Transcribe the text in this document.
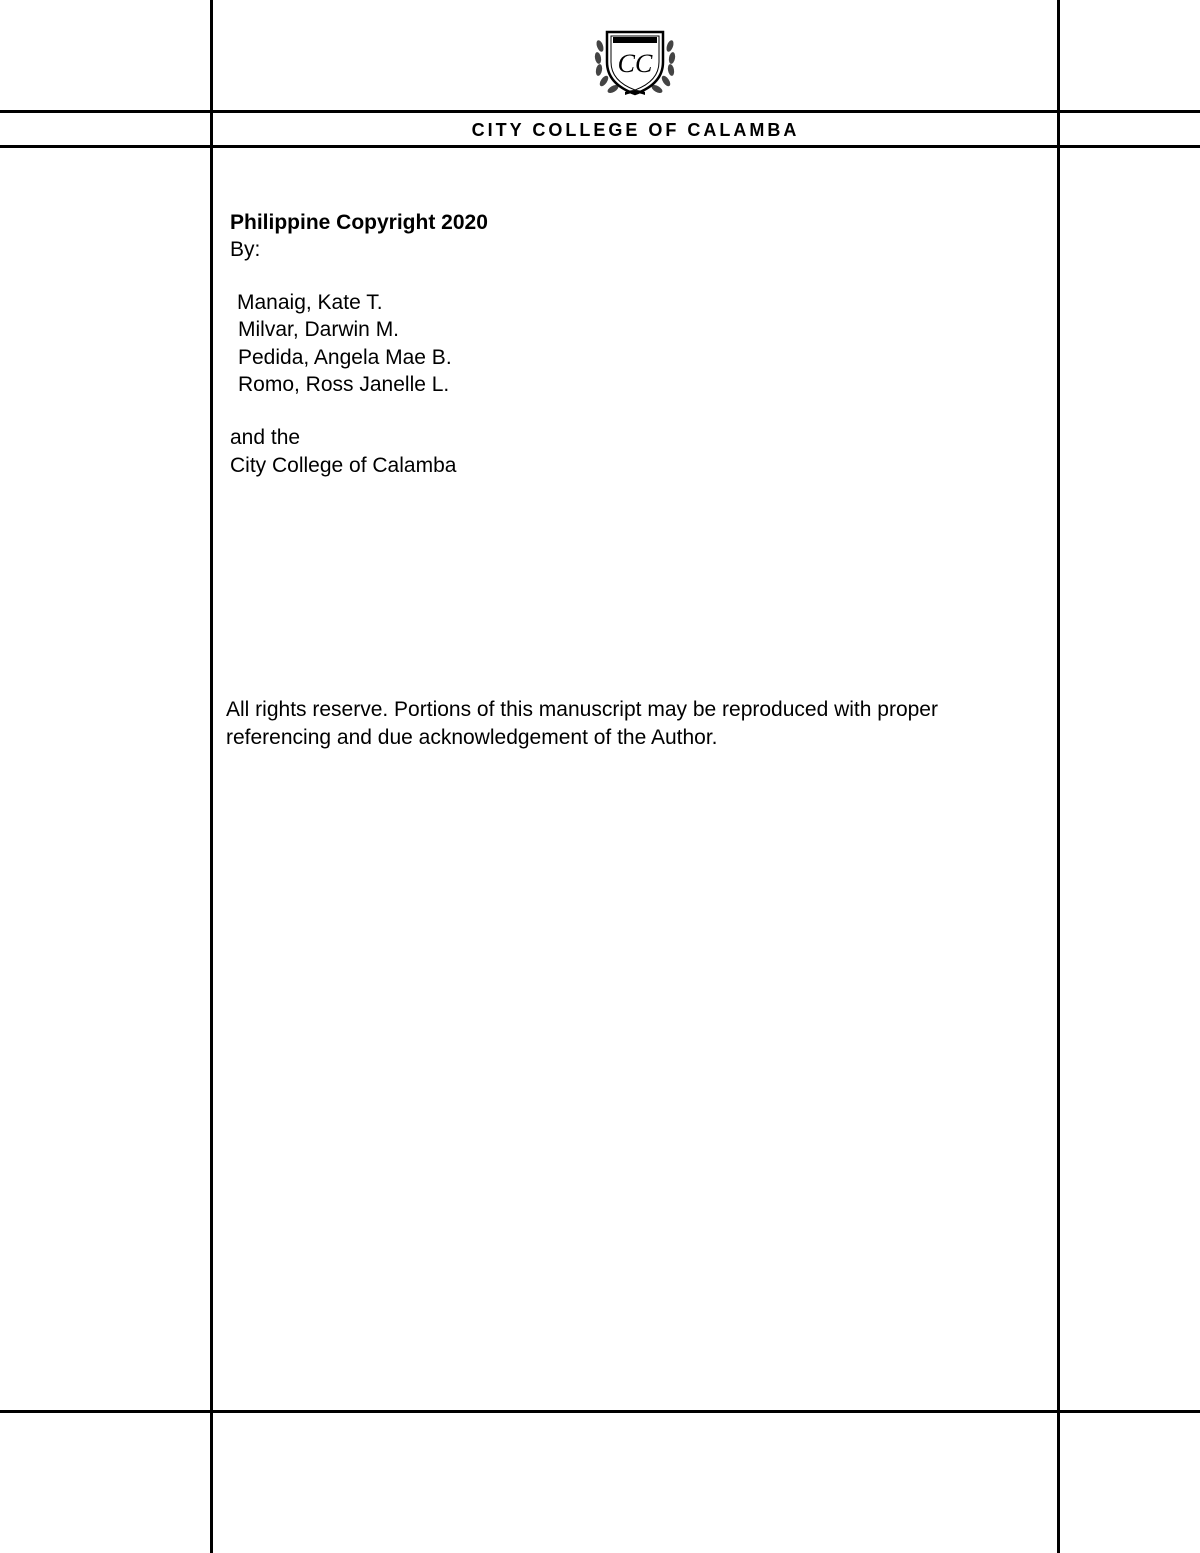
CC
CITY COLLEGE OF CALAMBA
Philippine Copyright 2020
By:
Manaig, Kate T.
Milvar, Darwin M.
Pedida, Angela Mae B.
Romo, Ross Janelle L.
and the
City College of Calamba
All rights reserve. Portions of this manuscript may be reproduced with proper
referencing and due acknowledgement of the Author.
